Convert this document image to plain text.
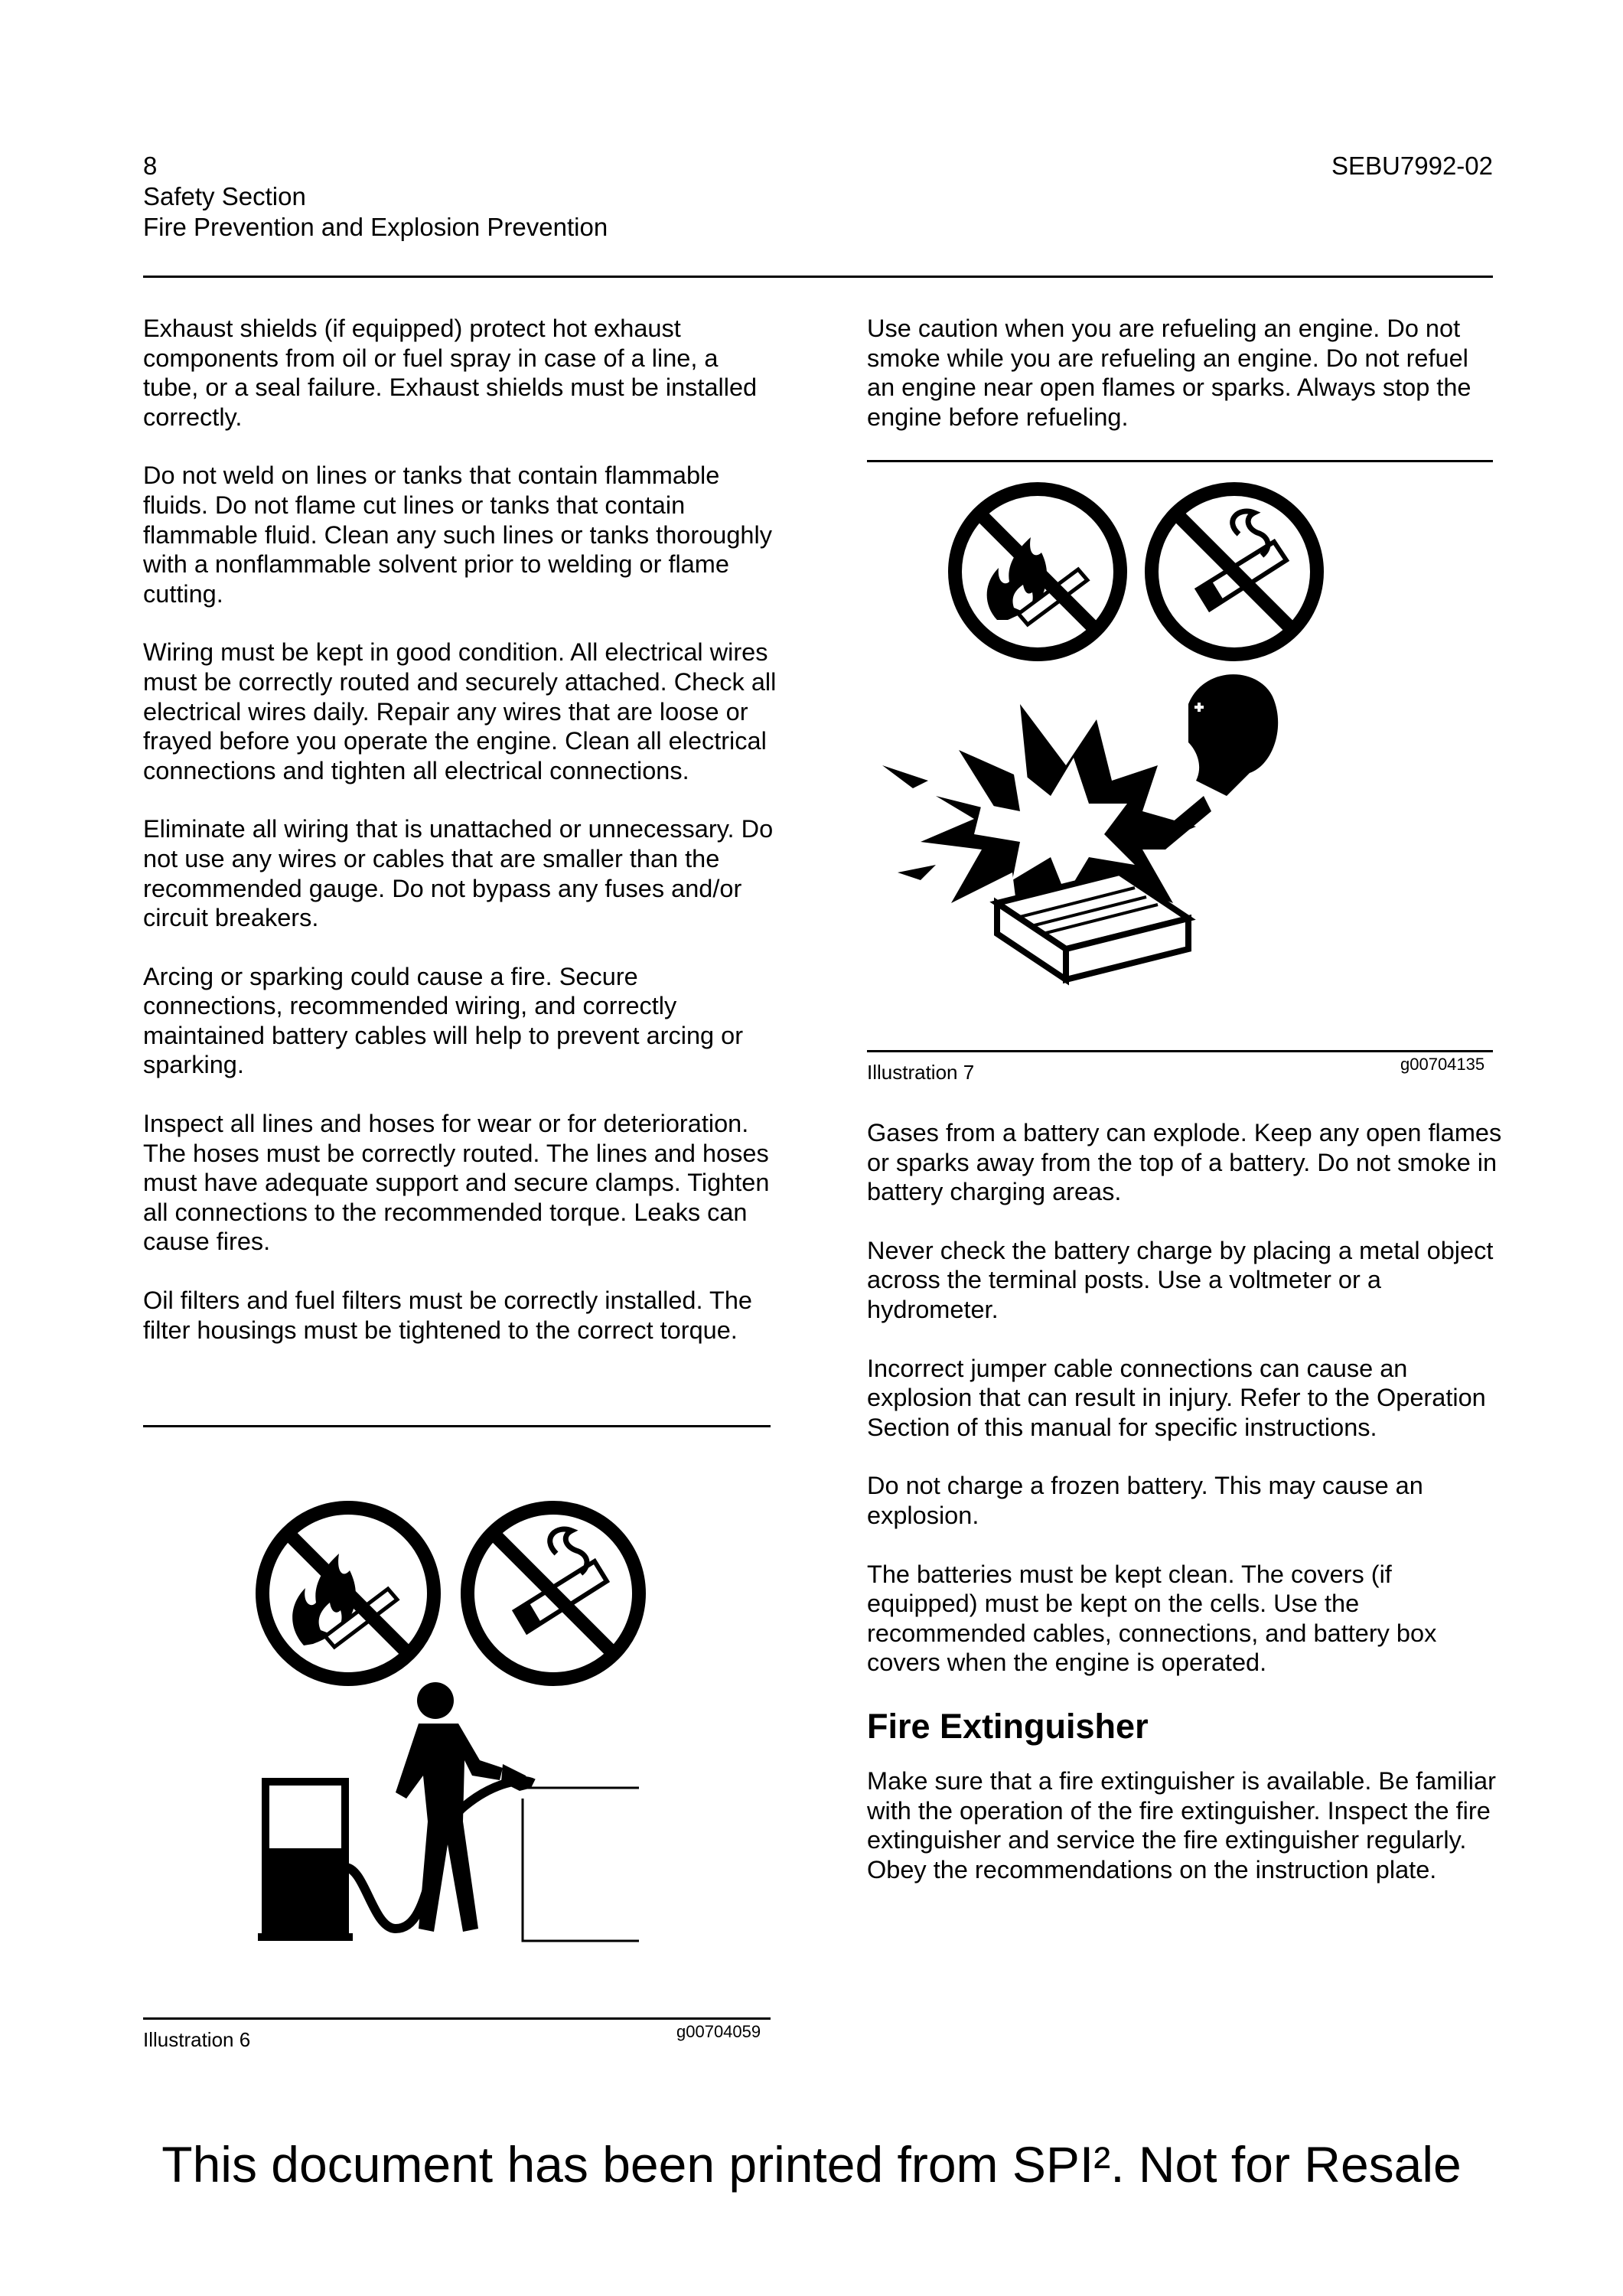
8
Safety Section
Fire Prevention and Explosion Prevention
SEBU7992-02

Exhaust shields (if equipped) protect hot exhaust components from oil or fuel spray in case of a line, a tube, or a seal failure. Exhaust shields must be installed correctly.

Do not weld on lines or tanks that contain flammable fluids. Do not flame cut lines or tanks that contain flammable fluid. Clean any such lines or tanks thoroughly with a nonflammable solvent prior to welding or flame cutting.

Wiring must be kept in good condition. All electrical wires must be correctly routed and securely attached. Check all electrical wires daily. Repair any wires that are loose or frayed before you operate the engine. Clean all electrical connections and tighten all electrical connections.

Eliminate all wiring that is unattached or unnecessary. Do not use any wires or cables that are smaller than the recommended gauge. Do not bypass any fuses and/or circuit breakers.

Arcing or sparking could cause a fire. Secure connections, recommended wiring, and correctly maintained battery cables will help to prevent arcing or sparking.

Inspect all lines and hoses for wear or for deterioration. The hoses must be correctly routed. The lines and hoses must have adequate support and secure clamps. Tighten all connections to the recommended torque. Leaks can cause fires.

Oil filters and fuel filters must be correctly installed. The filter housings must be tightened to the correct torque.

Use caution when you are refueling an engine. Do not smoke while you are refueling an engine. Do not refuel an engine near open flames or sparks. Always stop the engine before refueling.

Illustration 6	g00704059
Illustration 7	g00704135

Gases from a battery can explode. Keep any open flames or sparks away from the top of a battery. Do not smoke in battery charging areas.

Never check the battery charge by placing a metal object across the terminal posts. Use a voltmeter or a hydrometer.

Incorrect jumper cable connections can cause an explosion that can result in injury. Refer to the Operation Section of this manual for specific instructions.

Do not charge a frozen battery. This may cause an explosion.

The batteries must be kept clean. The covers (if equipped) must be kept on the cells. Use the recommended cables, connections, and battery box covers when the engine is operated.

Fire Extinguisher

Make sure that a fire extinguisher is available. Be familiar with the operation of the fire extinguisher. Inspect the fire extinguisher and service the fire extinguisher regularly. Obey the recommendations on the instruction plate.

This document has been printed from SPI². Not for Resale
